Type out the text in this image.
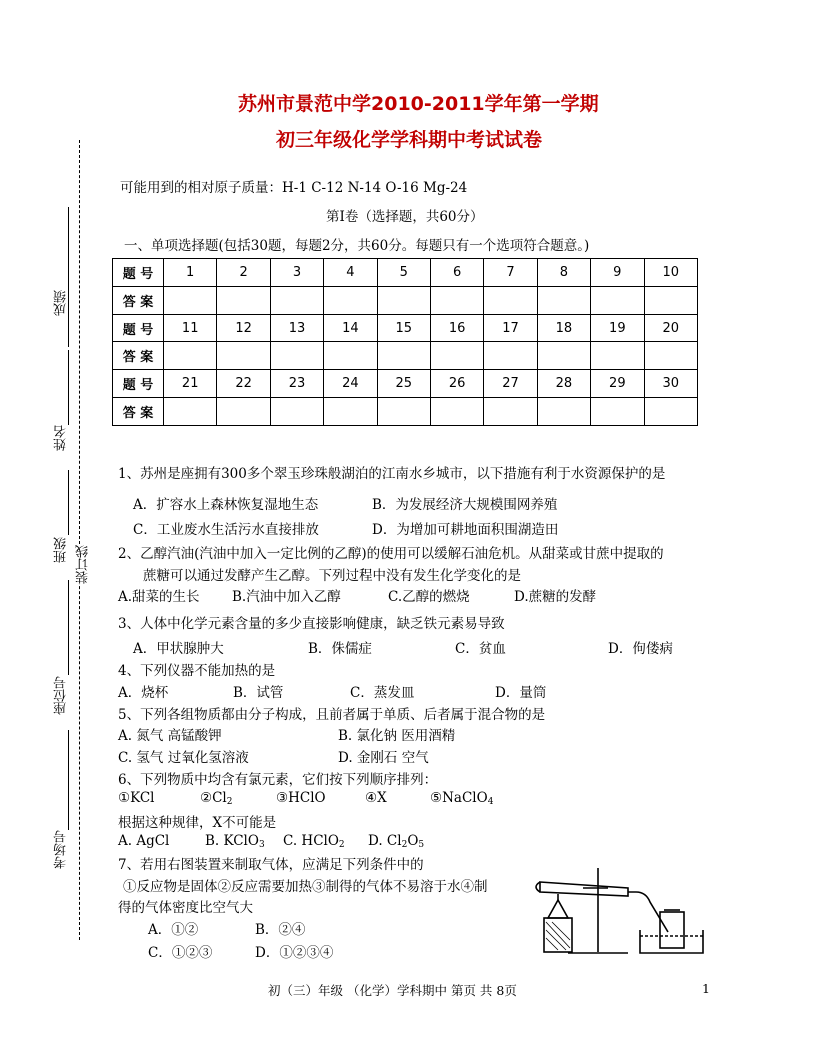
苏州市景范中学2010-2011学年第一学期
初三年级化学学科期中考试试卷
成绩
姓名
班级 装订线
座位号
考场号
可能用到的相对原子质量：H-1 C-12 N-14 O-16 Mg-24
第Ⅰ卷（选择题，共60分）
一、单项选择题(包括30题，每题2分，共60分。每题只有一个选项符合题意。)
题 号	1	2	3	4	5	6	7	8	9	10
答 案										
题 号	11	12	13	14	15	16	17	18	19	20
答 案										
题 号	21	22	23	24	25	26	27	28	29	30
答 案										
1、苏州是座拥有300多个翠玉珍珠般湖泊的江南水乡城市，以下措施有利于水资源保护的是
A．扩容水上森林恢复湿地生态	B．为发展经济大规模围网养殖
C．工业废水生活污水直接排放	D．为增加可耕地面积围湖造田
2、乙醇汽油(汽油中加入一定比例的乙醇)的使用可以缓解石油危机。从甜菜或甘蔗中提取的
蔗糖可以通过发酵产生乙醇。下列过程中没有发生化学变化的是
A.甜菜的生长 B.汽油中加入乙醇	C.乙醇的燃烧	D.蔗糖的发酵
3、人体中化学元素含量的多少直接影响健康，缺乏铁元素易导致
A．甲状腺肿大	B．侏儒症	C．贫血	D．佝偻病
4、下列仪器不能加热的是
A．烧杯	B．试管	C．蒸发皿	D．量筒
5、下列各组物质都由分子构成，且前者属于单质、后者属于混合物的是
A. 氮气 高锰酸钾	B. 氯化钠 医用酒精
C. 氢气 过氧化氢溶液	D. 金刚石 空气
6、下列物质中均含有氯元素，它们按下列顺序排列：
①KCl	$②Cl_2$	③HClO	④X	⑤NaClO$_4$
根据这种规律，X不可能是
A. AgCl	B. KClO$_3$ C. HClO$_2$ D. $Cl_2O_5$
7、若用右图装置来制取气体，应满足下列条件中的
①反应物是固体②反应需要加热③制得的气体不易溶于水④制
得的气体密度比空气大
A．①②	B．②④
C．①②③	D．①②③④
初（三）年级 （化学）学科期中 第页 共 8页	1
